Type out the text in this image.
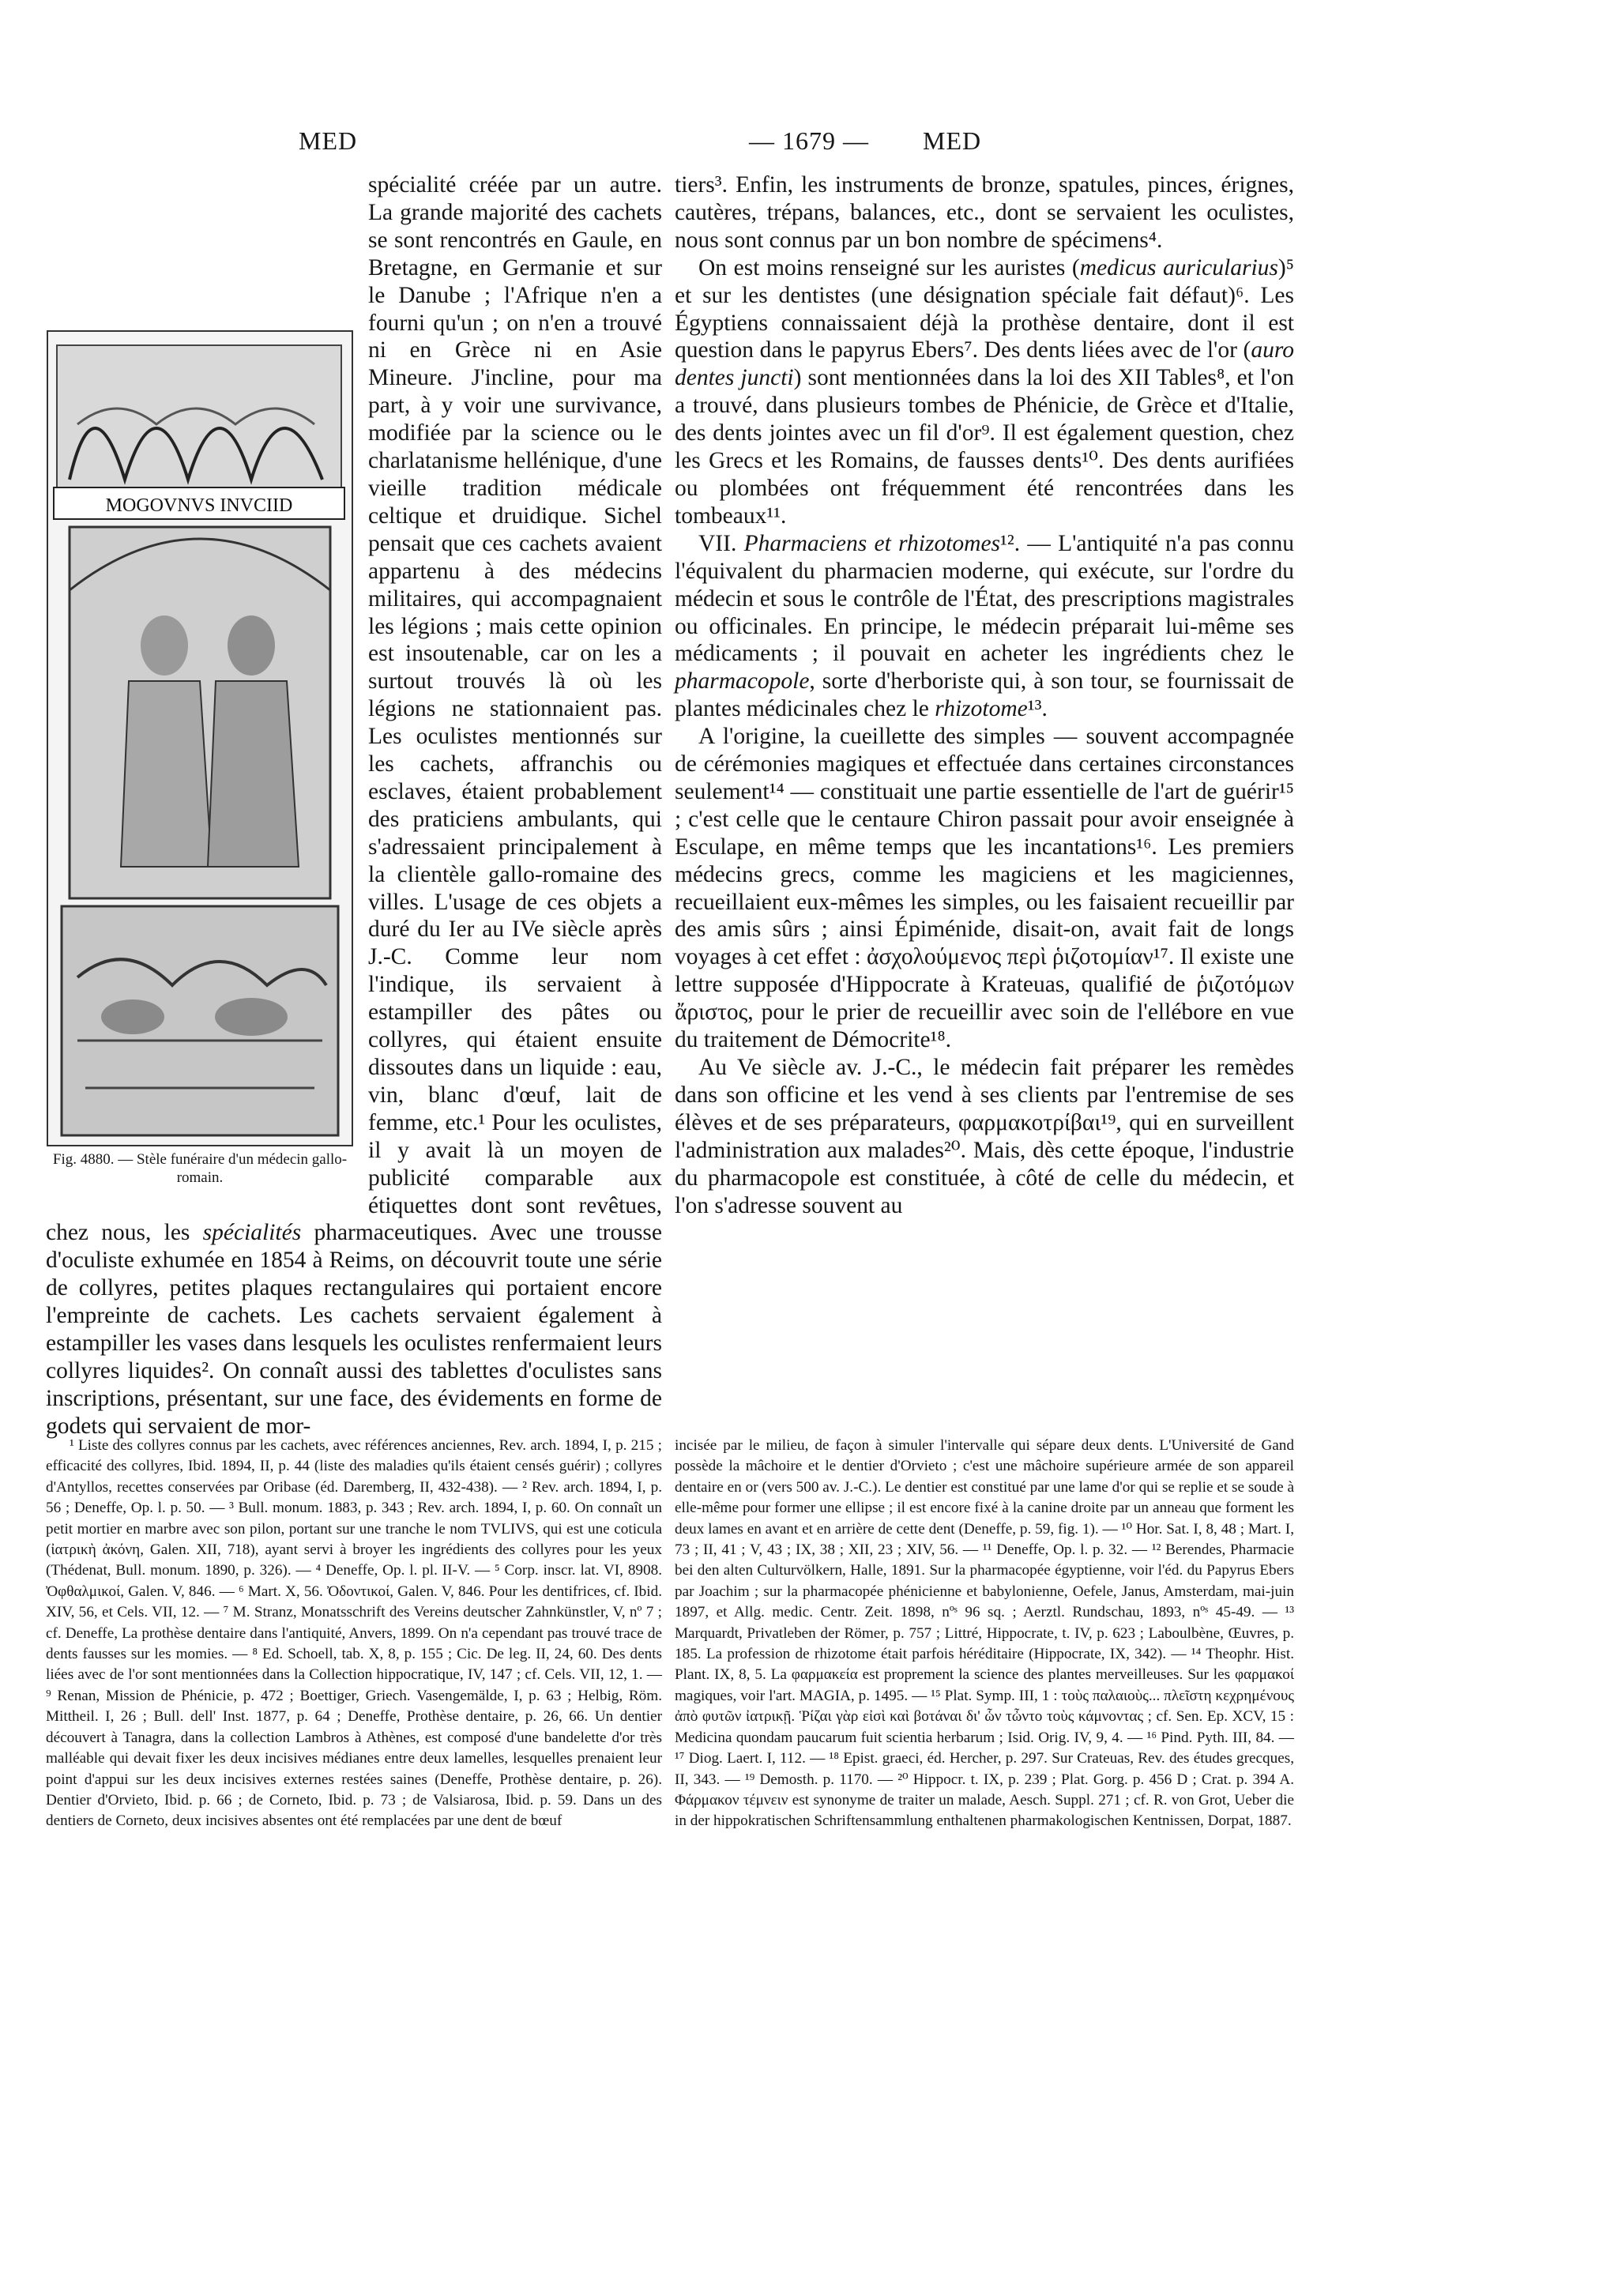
MED	— 1679 —	MED
MOGOVNVS INVCIID
Fig. 4880. — Stèle funéraire d'un médecin gallo-romain.

spécialité créée par un autre. La grande majorité des cachets se sont rencontrés en Gaule, en Bretagne, en Germanie et sur le Danube ; l'Afrique n'en a fourni qu'un ; on n'en a trouvé ni en Grèce ni en Asie Mineure. J'incline, pour ma part, à y voir une survivance, modifiée par la science ou le charlatanisme hellénique, d'une vieille tradition médicale celtique et druidique. Sichel pensait que ces cachets avaient appartenu à des médecins militaires, qui accompagnaient les légions ; mais cette opinion est insoutenable, car on les a surtout trouvés là où les légions ne stationnaient pas. Les oculistes mentionnés sur les cachets, affranchis ou esclaves, étaient probablement des praticiens ambulants, qui s'adressaient principalement à la clientèle gallo-romaine des villes. L'usage de ces objets a duré du Ier au IVe siècle après J.-C. Comme leur nom l'indique, ils servaient à estampiller des pâtes ou collyres, qui étaient ensuite dissoutes dans un liquide : eau, vin, blanc d'œuf, lait de femme, etc.¹ Pour les oculistes, il y avait là un moyen de publicité comparable aux étiquettes dont sont revêtues, chez nous, les spécialités pharmaceutiques. Avec une trousse d'oculiste exhumée en 1854 à Reims, on découvrit toute une série de collyres, petites plaques rectangulaires qui portaient encore l'empreinte de cachets. Les cachets servaient également à estampiller les vases dans lesquels les oculistes renfermaient leurs collyres liquides². On connaît aussi des tablettes d'oculistes sans inscriptions, présentant, sur une face, des évidements en forme de godets qui servaient de mor-

tiers³. Enfin, les instruments de bronze, spatules, pinces, érignes, cautères, trépans, balances, etc., dont se servaient les oculistes, nous sont connus par un bon nombre de spécimens⁴.

On est moins renseigné sur les auristes (medicus auricularius)⁵ et sur les dentistes (une désignation spéciale fait défaut)⁶. Les Égyptiens connaissaient déjà la prothèse dentaire, dont il est question dans le papyrus Ebers⁷. Des dents liées avec de l'or (auro dentes juncti) sont mentionnées dans la loi des XII Tables⁸, et l'on a trouvé, dans plusieurs tombes de Phénicie, de Grèce et d'Italie, des dents jointes avec un fil d'or⁹. Il est également question, chez les Grecs et les Romains, de fausses dents¹⁰. Des dents aurifiées ou plombées ont fréquemment été rencontrées dans les tombeaux¹¹.

VII. Pharmaciens et rhizotomes¹². — L'antiquité n'a pas connu l'équivalent du pharmacien moderne, qui exécute, sur l'ordre du médecin et sous le contrôle de l'État, des prescriptions magistrales ou officinales. En principe, le médecin préparait lui-même ses médicaments ; il pouvait en acheter les ingrédients chez le pharmacopole, sorte d'herboriste qui, à son tour, se fournissait de plantes médicinales chez le rhizotome¹³.

A l'origine, la cueillette des simples — souvent accompagnée de cérémonies magiques et effectuée dans certaines circonstances seulement¹⁴ — constituait une partie essentielle de l'art de guérir¹⁵ ; c'est celle que le centaure Chiron passait pour avoir enseignée à Esculape, en même temps que les incantations¹⁶. Les premiers médecins grecs, comme les magiciens et les magiciennes, recueillaient eux-mêmes les simples, ou les faisaient recueillir par des amis sûrs ; ainsi Épiménide, disait-on, avait fait de longs voyages à cet effet : ἀσχολούμενος περὶ ῥιζοτομίαν¹⁷. Il existe une lettre supposée d'Hippocrate à Krateuas, qualifié de ῥιζοτόμων ἄριστος, pour le prier de recueillir avec soin de l'ellébore en vue du traitement de Démocrite¹⁸.

Au Ve siècle av. J.-C., le médecin fait préparer les remèdes dans son officine et les vend à ses clients par l'entremise de ses élèves et de ses préparateurs, φαρμακοτρίβαι¹⁹, qui en surveillent l'administration aux malades²⁰. Mais, dès cette époque, l'industrie du pharmacopole est constituée, à côté de celle du médecin, et l'on s'adresse souvent au

¹ Liste des collyres connus par les cachets, avec références anciennes, Rev. arch. 1894, I, p. 215 ; efficacité des collyres, Ibid. 1894, II, p. 44 (liste des maladies qu'ils étaient censés guérir) ; collyres d'Antyllos, recettes conservées par Oribase (éd. Daremberg, II, 432-438). — ² Rev. arch. 1894, I, p. 56 ; Deneffe, Op. l. p. 50. — ³ Bull. monum. 1883, p. 343 ; Rev. arch. 1894, I, p. 60. On connaît un petit mortier en marbre avec son pilon, portant sur une tranche le nom TVLIVS, qui est une coticula (ἰατρικὴ ἀκόνη, Galen. XII, 718), ayant servi à broyer les ingrédients des collyres pour les yeux (Thédenat, Bull. monum. 1890, p. 326). — ⁴ Deneffe, Op. l. pl. II-V. — ⁵ Corp. inscr. lat. VI, 8908. Ὀφθαλμικοί, Galen. V, 846. — ⁶ Mart. X, 56. Ὀδοντικοί, Galen. V, 846. Pour les dentifrices, cf. Ibid. XIV, 56, et Cels. VII, 12. — ⁷ M. Stranz, Monatsschrift des Vereins deutscher Zahnkünstler, V, nº 7 ; cf. Deneffe, La prothèse dentaire dans l'antiquité, Anvers, 1899. On n'a cependant pas trouvé trace de dents fausses sur les momies. — ⁸ Ed. Schoell, tab. X, 8, p. 155 ; Cic. De leg. II, 24, 60. Des dents liées avec de l'or sont mentionnées dans la Collection hippocratique, IV, 147 ; cf. Cels. VII, 12, 1. — ⁹ Renan, Mission de Phénicie, p. 472 ; Boettiger, Griech. Vasengemälde, I, p. 63 ; Helbig, Röm. Mittheil. I, 26 ; Bull. dell' Inst. 1877, p. 64 ; Deneffe, Prothèse dentaire, p. 26, 66. Un dentier découvert à Tanagra, dans la collection Lambros à Athènes, est composé d'une bandelette d'or très malléable qui devait fixer les deux incisives médianes entre deux lamelles, lesquelles prenaient leur point d'appui sur les deux incisives externes restées saines (Deneffe, Prothèse dentaire, p. 26). Dentier d'Orvieto, Ibid. p. 66 ; de Corneto, Ibid. p. 73 ; de Valsiarosa, Ibid. p. 59. Dans un des dentiers de Corneto, deux incisives absentes ont été remplacées par une dent de bœuf

incisée par le milieu, de façon à simuler l'intervalle qui sépare deux dents. L'Université de Gand possède la mâchoire et le dentier d'Orvieto ; c'est une mâchoire supérieure armée de son appareil dentaire en or (vers 500 av. J.-C.). Le dentier est constitué par une lame d'or qui se replie et se soude à elle-même pour former une ellipse ; il est encore fixé à la canine droite par un anneau que forment les deux lames en avant et en arrière de cette dent (Deneffe, p. 59, fig. 1). — ¹⁰ Hor. Sat. I, 8, 48 ; Mart. I, 73 ; II, 41 ; V, 43 ; IX, 38 ; XII, 23 ; XIV, 56. — ¹¹ Deneffe, Op. l. p. 32. — ¹² Berendes, Pharmacie bei den alten Culturvölkern, Halle, 1891. Sur la pharmacopée égyptienne, voir l'éd. du Papyrus Ebers par Joachim ; sur la pharmacopée phénicienne et babylonienne, Oefele, Janus, Amsterdam, mai-juin 1897, et Allg. medic. Centr. Zeit. 1898, nºˢ 96 sq. ; Aerztl. Rundschau, 1893, nºˢ 45-49. — ¹³ Marquardt, Privatleben der Römer, p. 757 ; Littré, Hippocrate, t. IV, p. 623 ; Laboulbène, Œuvres, p. 185. La profession de rhizotome était parfois héréditaire (Hippocrate, IX, 342). — ¹⁴ Theophr. Hist. Plant. IX, 8, 5. La φαρμακεία est proprement la science des plantes merveilleuses. Sur les φαρμακοί magiques, voir l'art. MAGIA, p. 1495. — ¹⁵ Plat. Symp. III, 1 : τοὺς παλαιοὺς... πλεῖστη κεχρημένους ἀπὸ φυτῶν ἰατρικῇ. Ῥίζαι γὰρ εἰσὶ καὶ βοτάναι δι' ὧν τὦντο τοὺς κάμνοντας ; cf. Sen. Ep. XCV, 15 : Medicina quondam paucarum fuit scientia herbarum ; Isid. Orig. IV, 9, 4. — ¹⁶ Pind. Pyth. III, 84. — ¹⁷ Diog. Laert. I, 112. — ¹⁸ Epist. graeci, éd. Hercher, p. 297. Sur Crateuas, Rev. des études grecques, II, 343. — ¹⁹ Demosth. p. 1170. — ²⁰ Hippocr. t. IX, p. 239 ; Plat. Gorg. p. 456 D ; Crat. p. 394 A. Φάρμακον τέμνειν est synonyme de traiter un malade, Aesch. Suppl. 271 ; cf. R. von Grot, Ueber die in der hippokratischen Schriftensammlung enthaltenen pharmakologischen Kentnissen, Dorpat, 1887.
